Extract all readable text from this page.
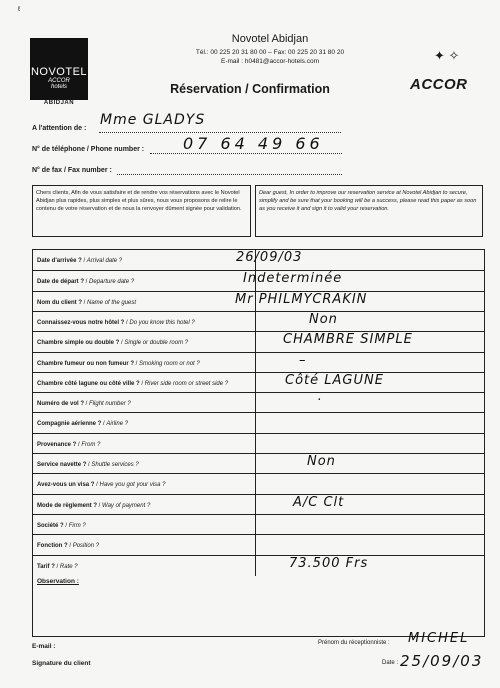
ℓ
NOVOTEL
ACCOR
hotels
ABIDJAN
Novotel Abidjan
Tél.: 00 225 20 31 80 00 – Fax: 00 225 20 31 80 20
E-mail : h0481@accor-hotels.com	✦ ✧
ACCOR
Réservation / Confirmation
A l'attention de :
Mme GLADYS
N° de téléphone / Phone number : 07 64 49 66
N° de fax / Fax number :
Chers clients, Afin de vous satisfaire et de rendre vos réservations avec le Novotel Abidjan plus rapides, plus simples et plus sûres, nous vous proposons de relire le contenu de votre réservation et de nous la renvoyer dûment signée pour validation.
Dear guest, In order to improve our reservation service at Novotel Abidjan to secure, simplify and be sure that your booking will be a success, please read this paper as soon as you receive it and sign it to valid your reservation.
Date d'arrivée ? / Arrival date ?	26/09/03
Date de départ ? / Departure date ?	Indeterminée
Nom du client ? / Name of the guest	Mr PHILMYCRAKIN
Connaissez-vous notre hôtel ? / Do you know this hotel ?	Non
Chambre simple ou double ? / Single or double room ?	CHAMBRE SIMPLE
Chambre fumeur ou non fumeur ? / Smoking room or not ?	–
Chambre côté lagune ou côté ville ? / River side room or street side ?	Côté LAGUNE
Numéro de vol ? / Flight number ?	·
Compagnie aérienne ? / Airline ?
Provenance ? / From ?
Service navette ? / Shuttle services ?	Non
Avez-vous un visa ? / Have you got your visa ?
Mode de règlement ? / Way of payment ?	A/C Clt
Société ? / Firm ?
Fonction ? / Position ?
Tarif ? / Rate ?	73.500 Frs
Observation :
E-mail :	Prénom du réceptionniste : MICHEL
Signature du client	Date : 25/09/03
